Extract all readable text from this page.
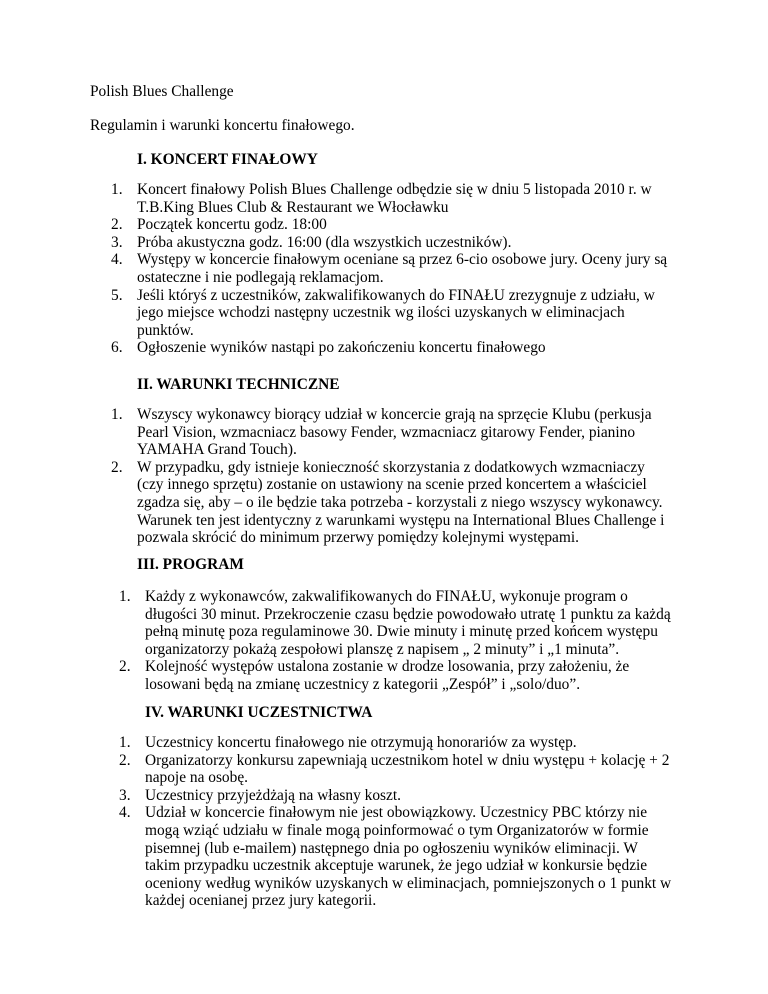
Polish Blues Challenge

Regulamin i warunki koncertu finałowego.

I. KONCERT FINAŁOWY

1. Koncert finałowy Polish Blues Challenge odbędzie się w dniu 5 listopada 2010 r. w
T.B.King Blues Club & Restaurant we Włocławku
2. Początek koncertu godz. 18:00
3. Próba akustyczna godz. 16:00 (dla wszystkich uczestników).
4. Występy w koncercie finałowym oceniane są przez 6-cio osobowe jury. Oceny jury są
ostateczne i nie podlegają reklamacjom.
5. Jeśli któryś z uczestników, zakwalifikowanych do FINAŁU zrezygnuje z udziału, w
jego miejsce wchodzi następny uczestnik wg ilości uzyskanych w eliminacjach
punktów.
6. Ogłoszenie wyników nastąpi po zakończeniu koncertu finałowego

II. WARUNKI TECHNICZNE

1. Wszyscy wykonawcy biorący udział w koncercie grają na sprzęcie Klubu (perkusja
Pearl Vision, wzmacniacz basowy Fender, wzmacniacz gitarowy Fender, pianino
YAMAHA Grand Touch).
2. W przypadku, gdy istnieje konieczność skorzystania z dodatkowych wzmacniaczy
(czy innego sprzętu) zostanie on ustawiony na scenie przed koncertem a właściciel
zgadza się, aby – o ile będzie taka potrzeba - korzystali z niego wszyscy wykonawcy.
Warunek ten jest identyczny z warunkami występu na International Blues Challenge i
pozwala skrócić do minimum przerwy pomiędzy kolejnymi występami.

III. PROGRAM

1. Każdy z wykonawców, zakwalifikowanych do FINAŁU, wykonuje program o
długości 30 minut. Przekroczenie czasu będzie powodowało utratę 1 punktu za każdą
pełną minutę poza regulaminowe 30. Dwie minuty i minutę przed końcem występu
organizatorzy pokażą zespołowi planszę z napisem „ 2 minuty” i „1 minuta”.
2. Kolejność występów ustalona zostanie w drodze losowania, przy założeniu, że
losowani będą na zmianę uczestnicy z kategorii „Zespół” i „solo/duo”.

IV. WARUNKI UCZESTNICTWA

1. Uczestnicy koncertu finałowego nie otrzymują honorariów za występ.
2. Organizatorzy konkursu zapewniają uczestnikom hotel w dniu występu + kolację + 2
napoje na osobę.
3. Uczestnicy przyjeżdżają na własny koszt.
4. Udział w koncercie finałowym nie jest obowiązkowy. Uczestnicy PBC którzy nie
mogą wziąć udziału w finale mogą poinformować o tym Organizatorów w formie
pisemnej (lub e-mailem) następnego dnia po ogłoszeniu wyników eliminacji. W
takim przypadku uczestnik akceptuje warunek, że jego udział w konkursie będzie
oceniony według wyników uzyskanych w eliminacjach, pomniejszonych o 1 punkt w
każdej ocenianej przez jury kategorii.
